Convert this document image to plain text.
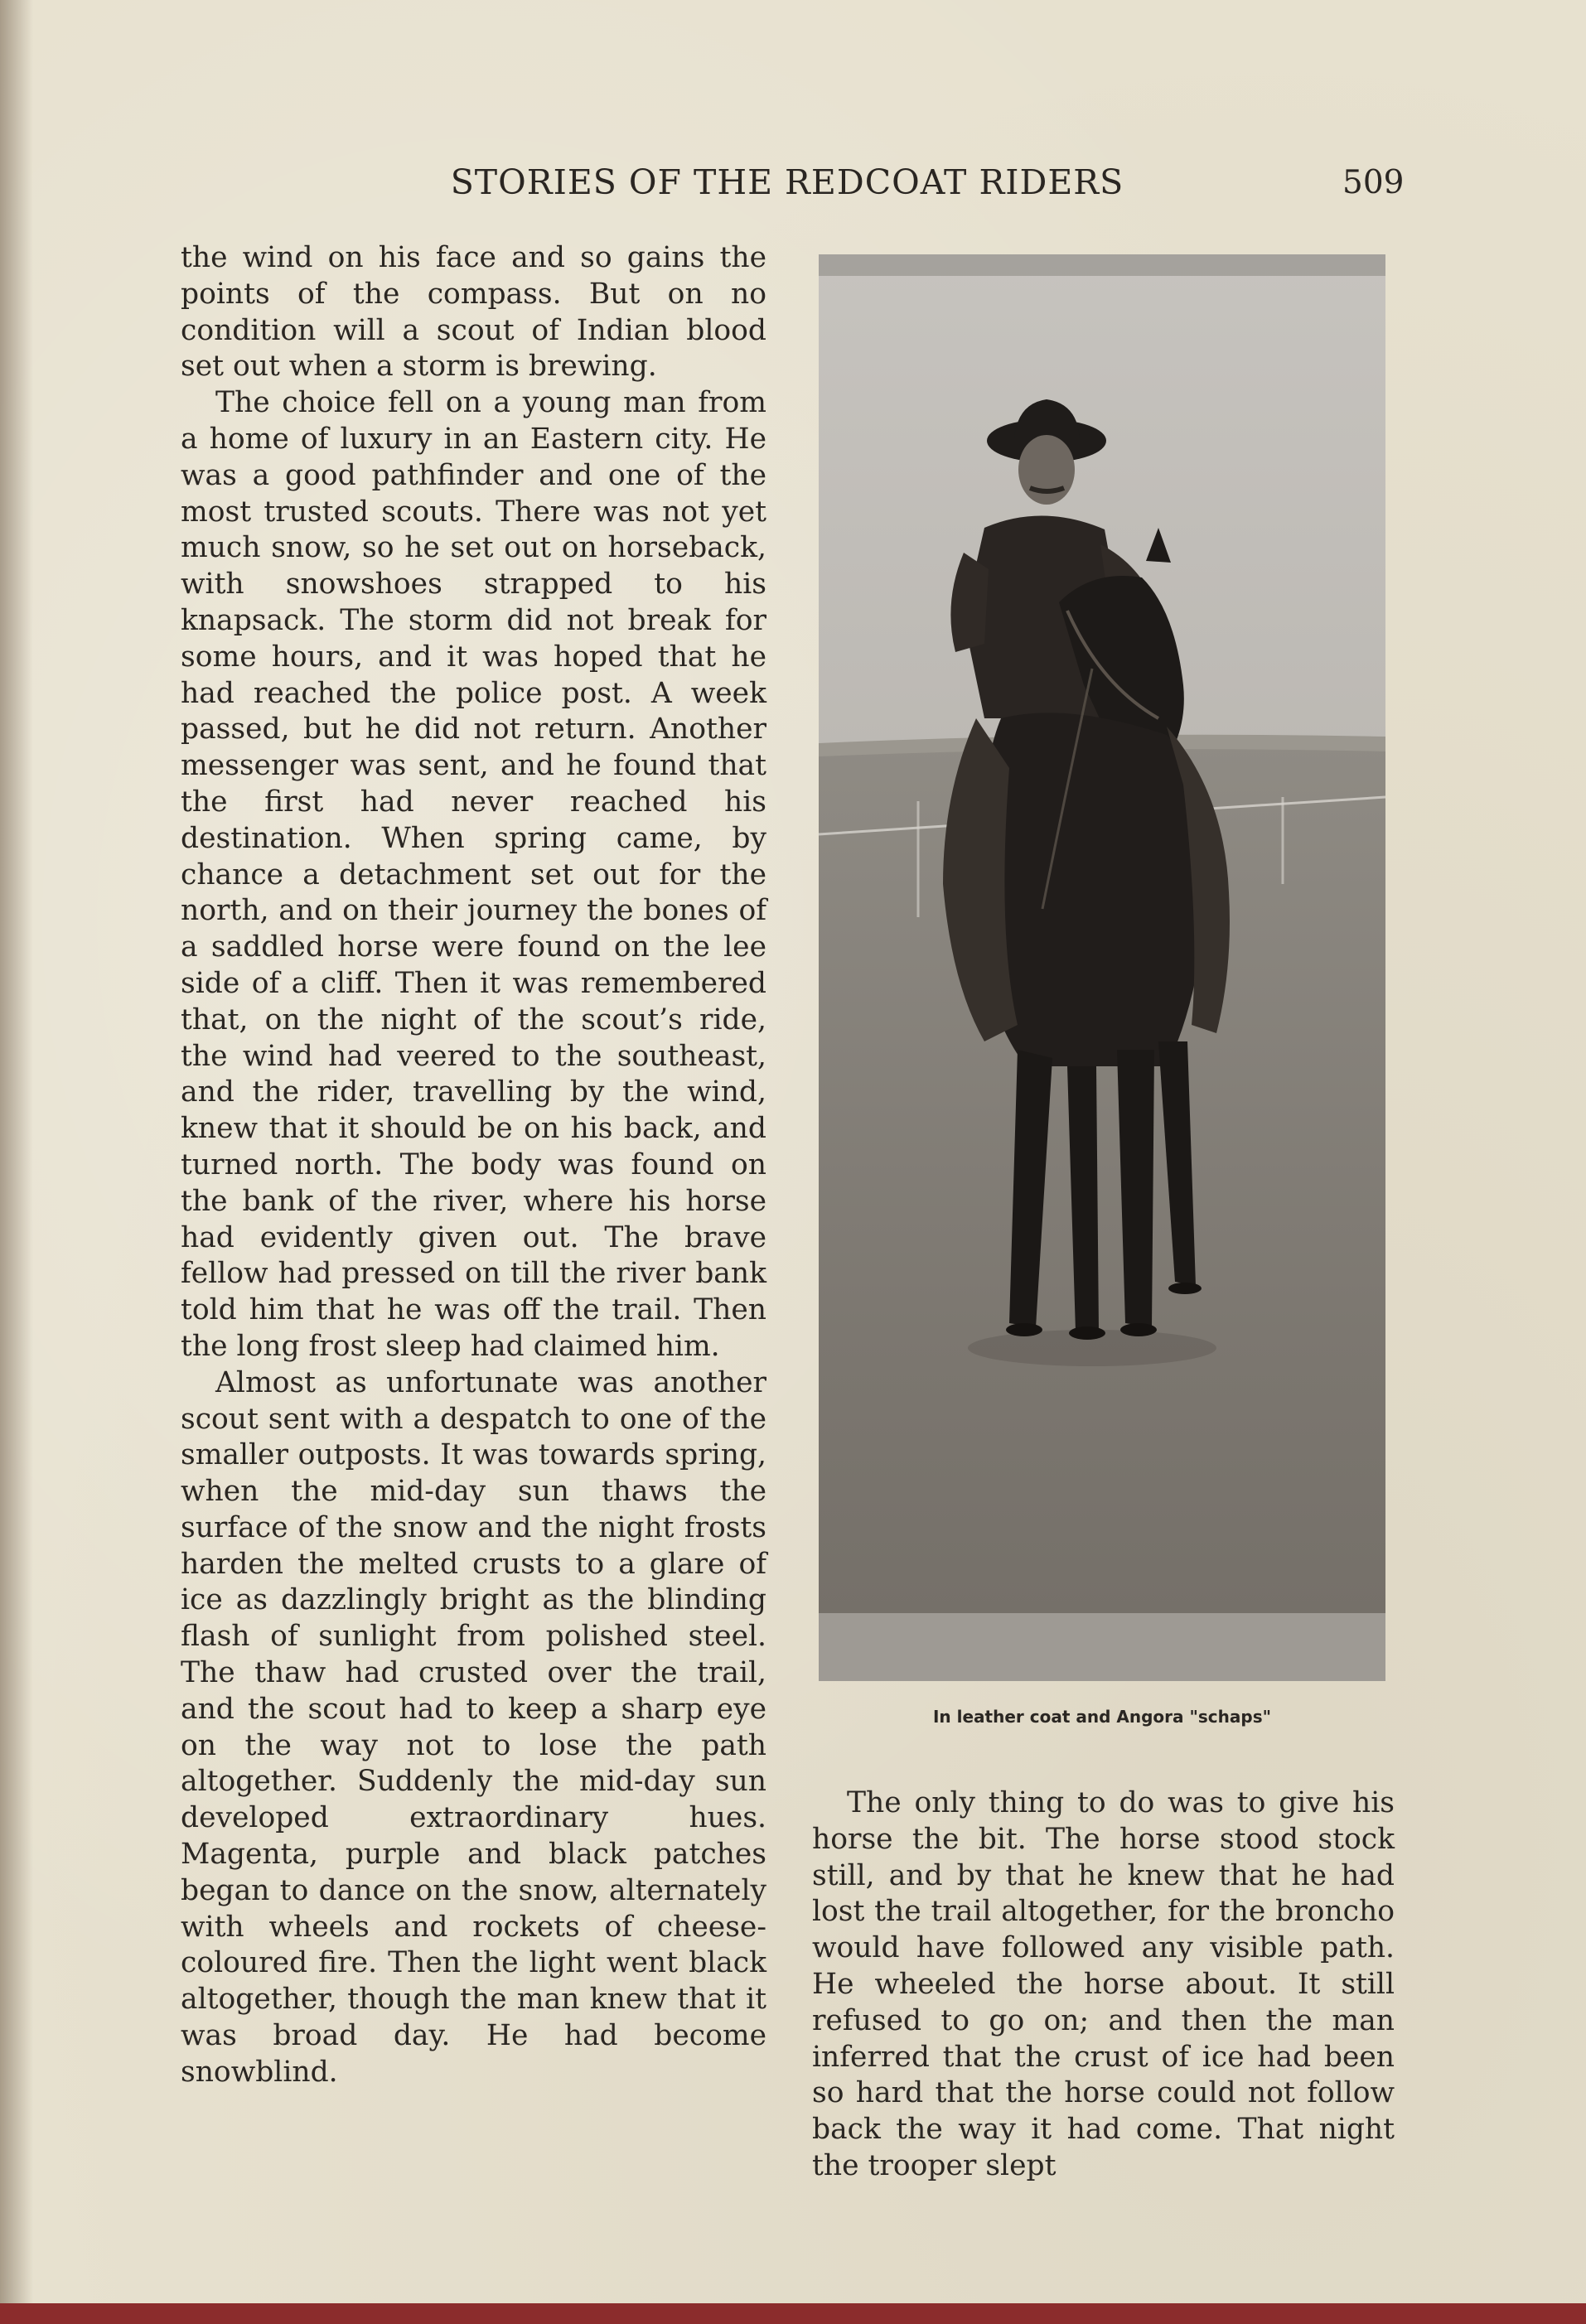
STORIES OF THE REDCOAT RIDERS	509

the wind on his face and so gains the points of the compass. But on no condition will a scout of Indian blood set out when a storm is brewing.

The choice fell on a young man from a home of luxury in an Eastern city. He was a good pathfinder and one of the most trusted scouts. There was not yet much snow, so he set out on horseback, with snowshoes strapped to his knapsack. The storm did not break for some hours, and it was hoped that he had reached the police post. A week passed, but he did not return. Another messenger was sent, and he found that the first had never reached his destination. When spring came, by chance a detachment set out for the north, and on their journey the bones of a saddled horse were found on the lee side of a cliff. Then it was remembered that, on the night of the scout’s ride, the wind had veered to the southeast, and the rider, travelling by the wind, knew that it should be on his back, and turned north. The body was found on the bank of the river, where his horse had evidently given out. The brave fellow had pressed on till the river bank told him that he was off the trail. Then the long frost sleep had claimed him.

Almost as unfortunate was another scout sent with a despatch to one of the smaller outposts. It was towards spring, when the mid-day sun thaws the surface of the snow and the night frosts harden the melted crusts to a glare of ice as dazzlingly bright as the blinding flash of sunlight from polished steel. The thaw had crusted over the trail, and the scout had to keep a sharp eye on the way not to lose the path altogether. Suddenly the mid-day sun developed extraordinary hues. Magenta, purple and black patches began to dance on the snow, alternately with wheels and rockets of cheese-coloured fire. Then the light went black altogether, though the man knew that it was broad day. He had become snowblind.

In leather coat and Angora "schaps"

The only thing to do was to give his horse the bit. The horse stood stock still, and by that he knew that he had lost the trail altogether, for the broncho would have followed any visible path. He wheeled the horse about. It still refused to go on; and then the man inferred that the crust of ice had been so hard that the horse could not follow back the way it had come. That night the trooper slept
